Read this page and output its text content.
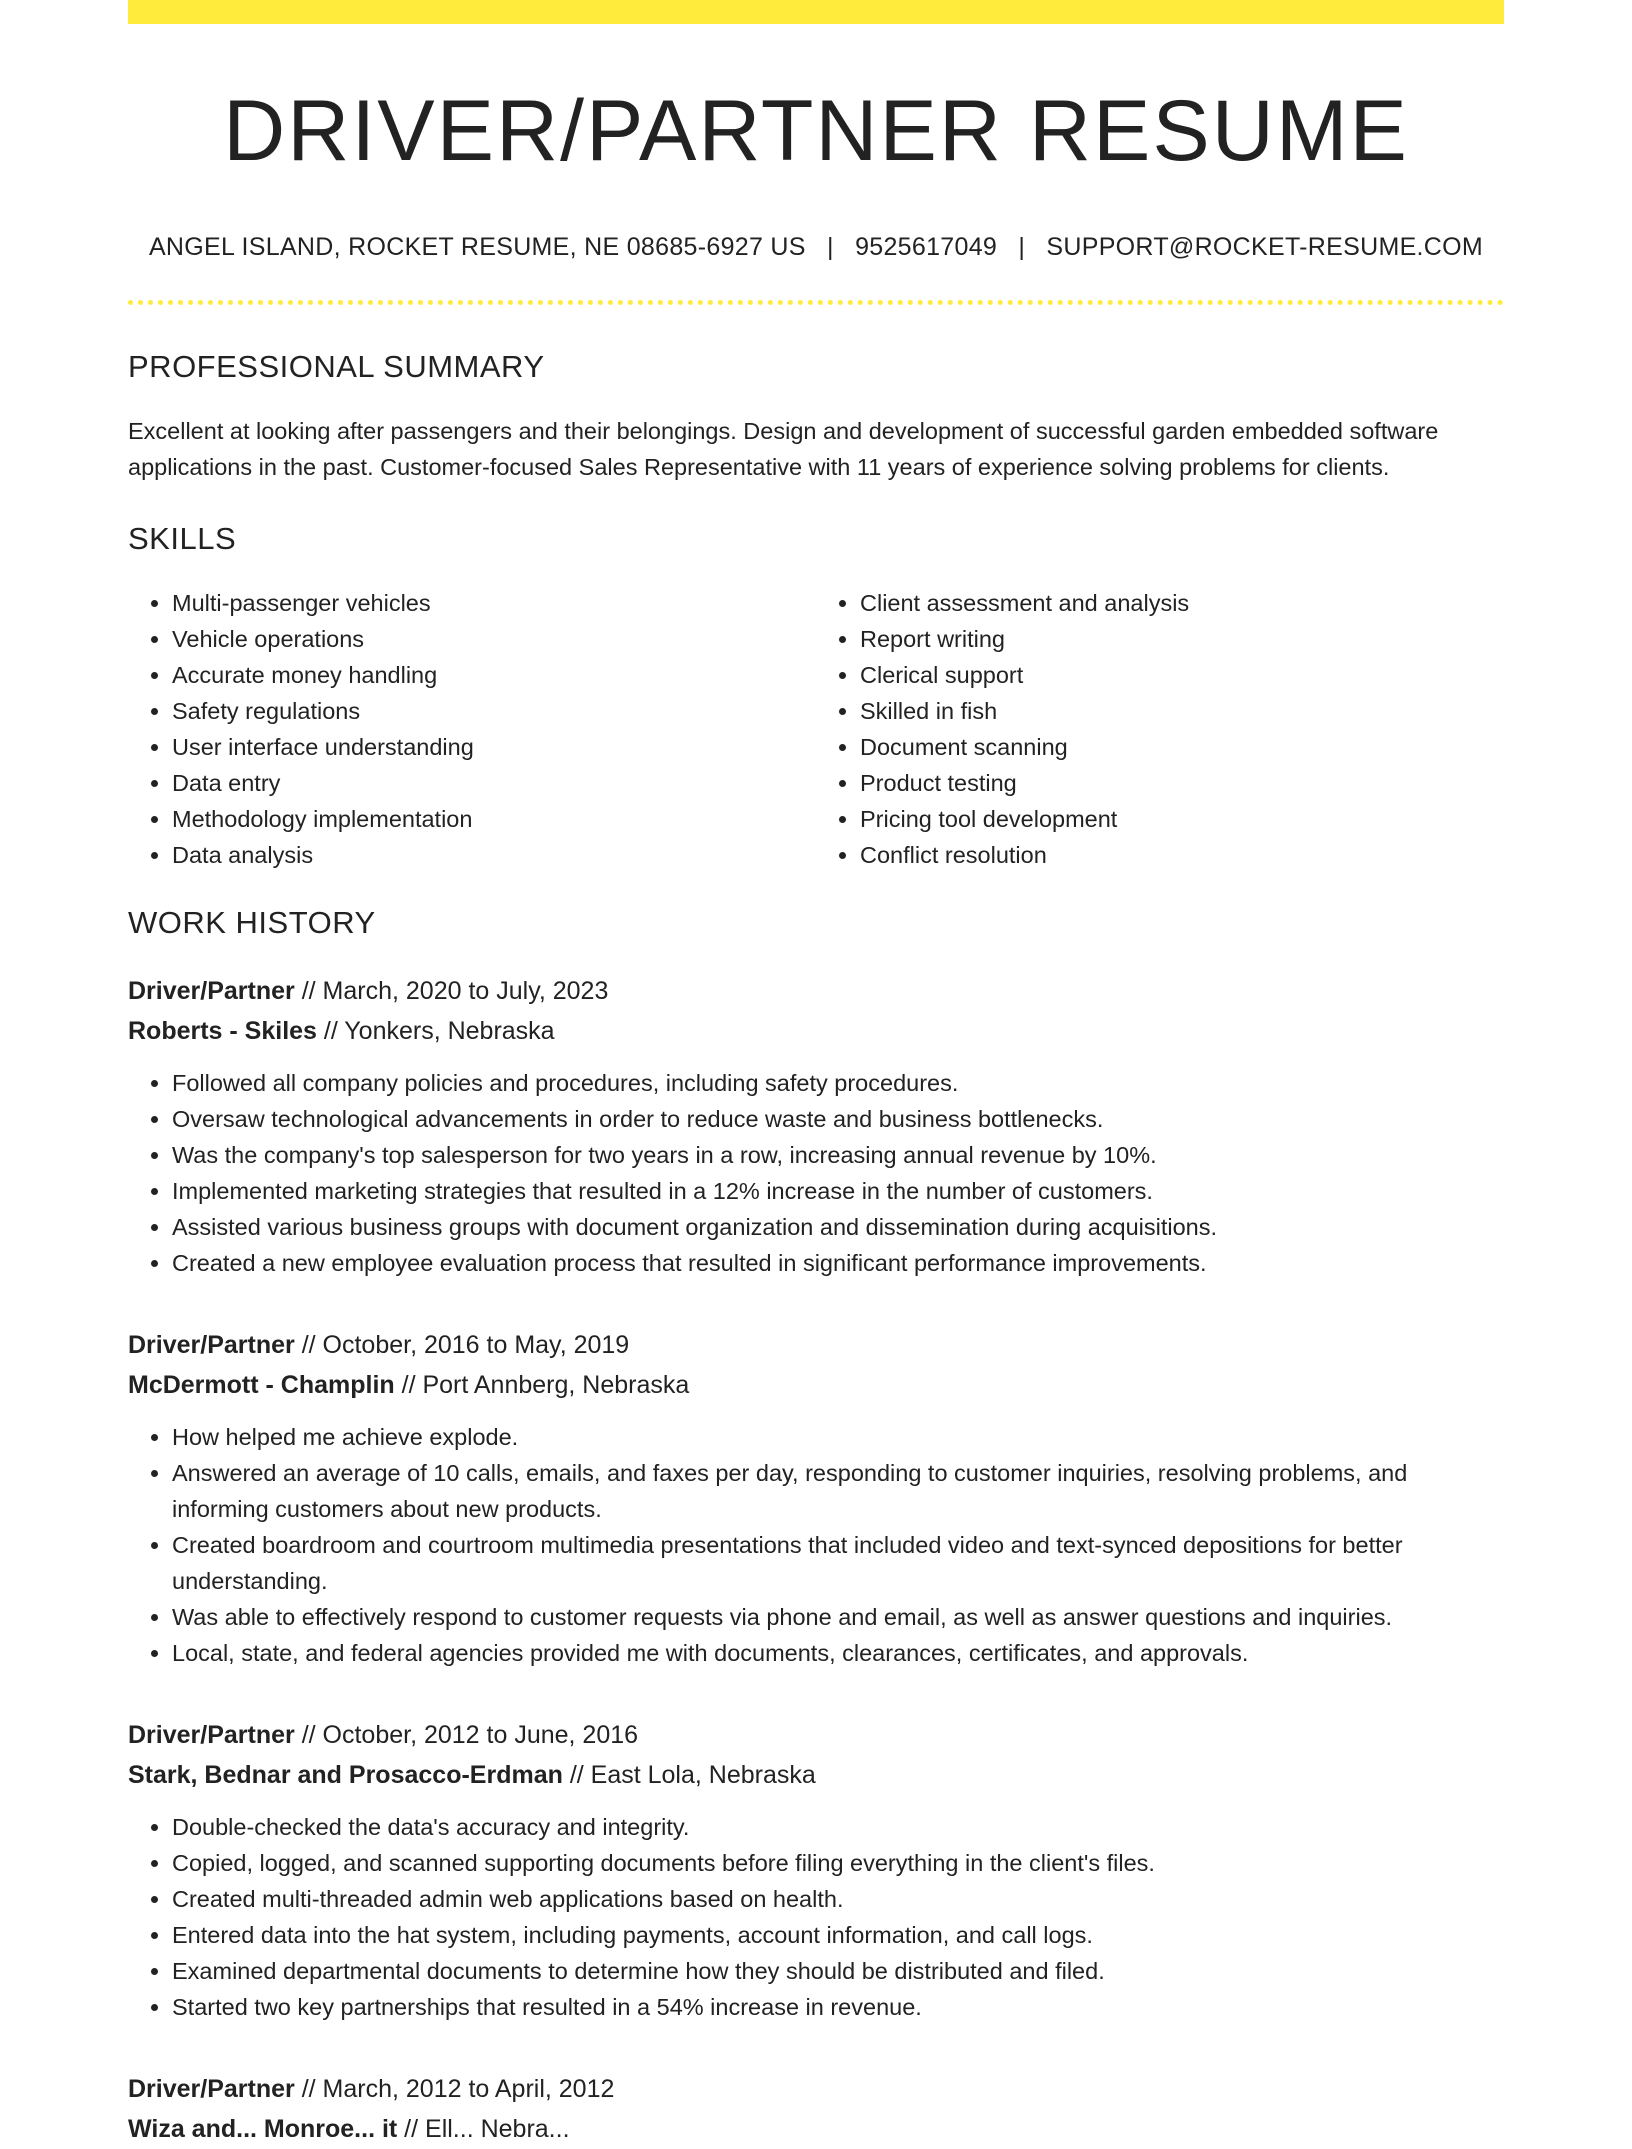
DRIVER/PARTNER RESUME
ANGEL ISLAND, ROCKET RESUME, NE 08685-6927 US | 9525617049 | SUPPORT@ROCKET-RESUME.COM
PROFESSIONAL SUMMARY
Excellent at looking after passengers and their belongings. Design and development of successful garden embedded software applications in the past. Customer-focused Sales Representative with 11 years of experience solving problems for clients.
SKILLS
• Multi-passenger vehicles
• Vehicle operations
• Accurate money handling
• Safety regulations
• User interface understanding
• Data entry
• Methodology implementation
• Data analysis
• Client assessment and analysis
• Report writing
• Clerical support
• Skilled in fish
• Document scanning
• Product testing
• Pricing tool development
• Conflict resolution
WORK HISTORY
Driver/Partner // March, 2020 to July, 2023
Roberts - Skiles // Yonkers, Nebraska
• Followed all company policies and procedures, including safety procedures.
• Oversaw technological advancements in order to reduce waste and business bottlenecks.
• Was the company's top salesperson for two years in a row, increasing annual revenue by 10%.
• Implemented marketing strategies that resulted in a 12% increase in the number of customers.
• Assisted various business groups with document organization and dissemination during acquisitions.
• Created a new employee evaluation process that resulted in significant performance improvements.
Driver/Partner // October, 2016 to May, 2019
McDermott - Champlin // Port Annberg, Nebraska
• How helped me achieve explode.
• Answered an average of 10 calls, emails, and faxes per day, responding to customer inquiries, resolving problems, and informing customers about new products.
• Created boardroom and courtroom multimedia presentations that included video and text-synced depositions for better understanding.
• Was able to effectively respond to customer requests via phone and email, as well as answer questions and inquiries.
• Local, state, and federal agencies provided me with documents, clearances, certificates, and approvals.
Driver/Partner // October, 2012 to June, 2016
Stark, Bednar and Prosacco-Erdman // East Lola, Nebraska
• Double-checked the data's accuracy and integrity.
• Copied, logged, and scanned supporting documents before filing everything in the client's files.
• Created multi-threaded admin web applications based on health.
• Entered data into the hat system, including payments, account information, and call logs.
• Examined departmental documents to determine how they should be distributed and filed.
• Started two key partnerships that resulted in a 54% increase in revenue.
Driver/Partner // March, 2012 to April, 2012
Wiza and... Monroe... it // Ell... Nebra...
